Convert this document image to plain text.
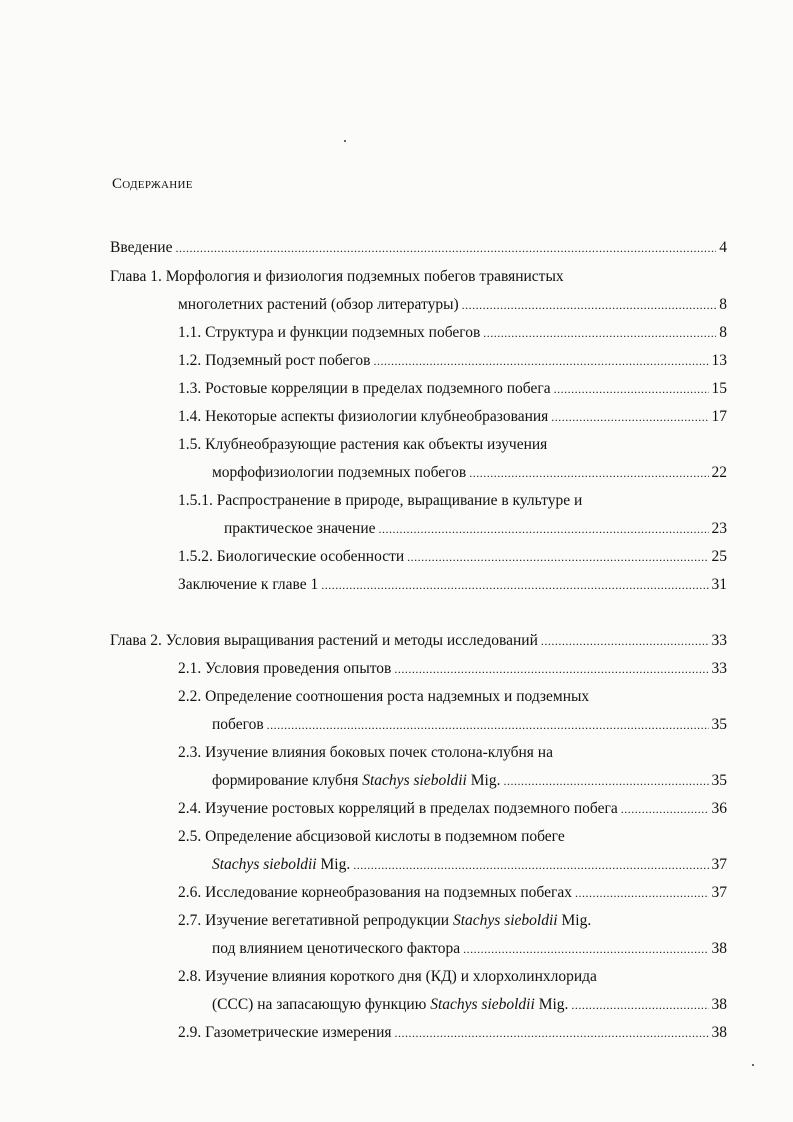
Содержание
Введение .....	4
Глава 1. Морфология и физиология подземных побегов травянистых
многолетних растений (обзор литературы) .....	8
1.1. Структура и функции подземных побегов .....	8
1.2. Подземный рост побегов .....	13
1.3. Ростовые корреляции в пределах подземного побега .....	15
1.4. Некоторые аспекты физиологии клубнеобразования .....	17
1.5. Клубнеобразующие растения как объекты изучения
морфофизиологии подземных побегов .....	22
1.5.1. Распространение в природе, выращивание в культуре и
практическое значение .....	23
1.5.2. Биологические особенности .....	25
Заключение к главе 1 .....	31
Глава 2. Условия выращивания растений и методы исследований .....	33
2.1. Условия проведения опытов .....	33
2.2. Определение соотношения роста надземных и подземных
побегов .....	35
2.3. Изучение влияния боковых почек столона-клубня на
формирование клубня Stachys sieboldii Mig. .....	35
2.4. Изучение ростовых корреляций в пределах подземного побега .....	36
2.5. Определение абсцизовой кислоты в подземном побеге
Stachys sieboldii Mig. .....	37
2.6. Исследование корнеобразования на подземных побегах .....	37
2.7. Изучение вегетативной репродукции Stachys sieboldii Mig.
под влиянием ценотического фактора .....	38
2.8. Изучение влияния короткого дня (КД) и хлорхолинхлорида
(ССС) на запасающую функцию Stachys sieboldii Mig. .....	38
2.9. Газометрические измерения .....	38
